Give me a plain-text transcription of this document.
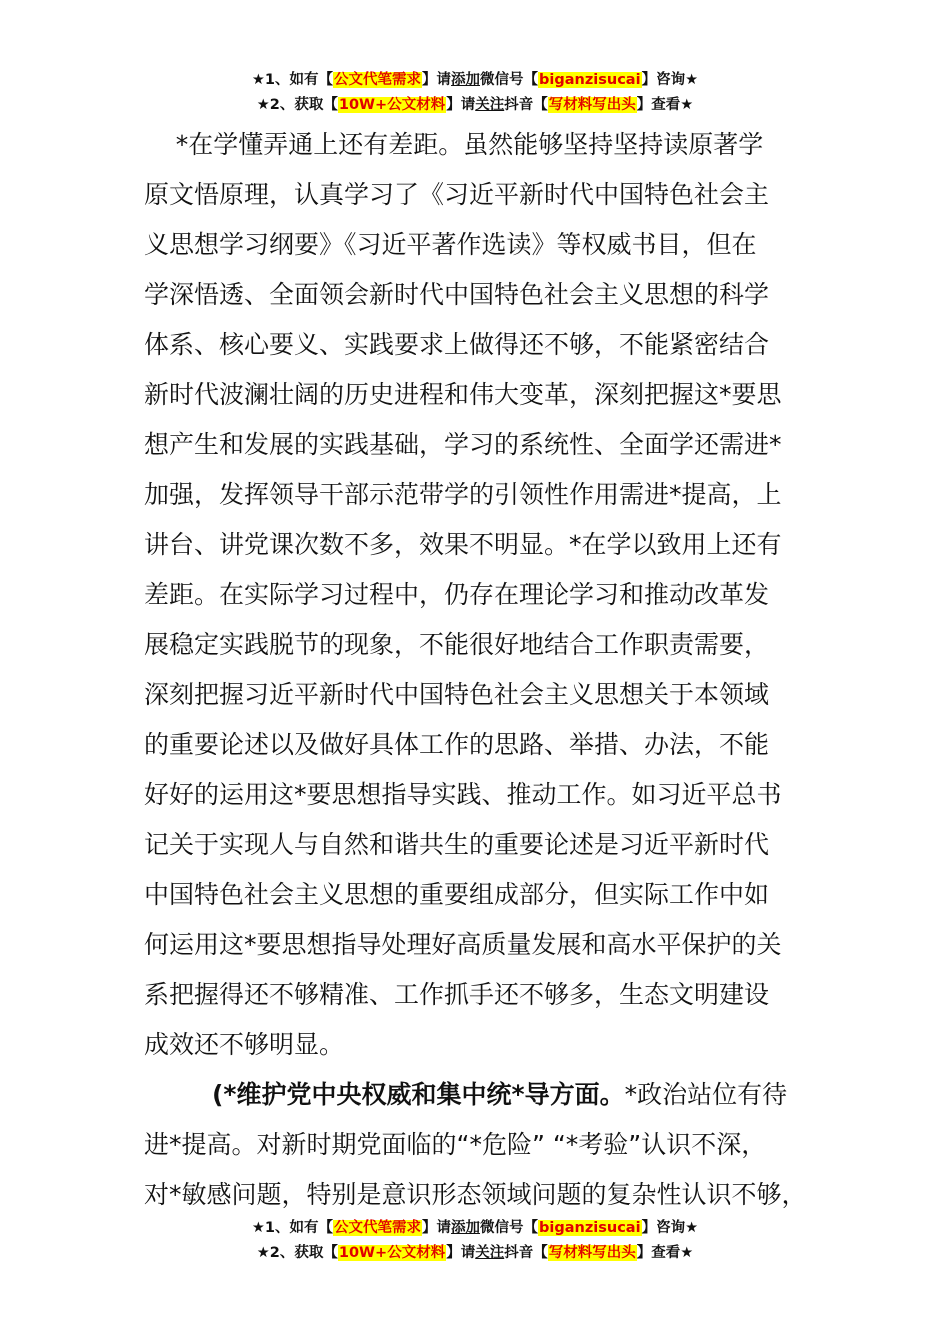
★1、如有【公文代笔需求】请添加微信号【biganzisucai】咨询★
★2、获取【10W+公文材料】请关注抖音【写材料写出头】查看★
*在学懂弄通上还有差距。虽然能够坚持坚持读原著学
原文悟原理，认真学习了《习近平新时代中国特色社会主
义思想学习纲要》《习近平著作选读》等权威书目，但在
学深悟透、全面领会新时代中国特色社会主义思想的科学
体系、核心要义、实践要求上做得还不够，不能紧密结合
新时代波澜壮阔的历史进程和伟大变革，深刻把握这*要思
想产生和发展的实践基础，学习的系统性、全面学还需进*
加强，发挥领导干部示范带学的引领性作用需进*提高，上
讲台、讲党课次数不多，效果不明显。*在学以致用上还有
差距。在实际学习过程中，仍存在理论学习和推动改革发
展稳定实践脱节的现象，不能很好地结合工作职责需要，
深刻把握习近平新时代中国特色社会主义思想关于本领域
的重要论述以及做好具体工作的思路、举措、办法，不能
好好的运用这*要思想指导实践、推动工作。如习近平总书
记关于实现人与自然和谐共生的重要论述是习近平新时代
中国特色社会主义思想的重要组成部分，但实际工作中如
何运用这*要思想指导处理好高质量发展和高水平保护的关
系把握得还不够精准、工作抓手还不够多，生态文明建设
成效还不够明显。
(*维护党中央权威和集中统*导方面。*政治站位有待
进*提高。对新时期党面临的“*危险” “*考验”认识不深，
对*敏感问题，特别是意识形态领域问题的复杂性认识不够，
★1、如有【公文代笔需求】请添加微信号【biganzisucai】咨询★
★2、获取【10W+公文材料】请关注抖音【写材料写出头】查看★
